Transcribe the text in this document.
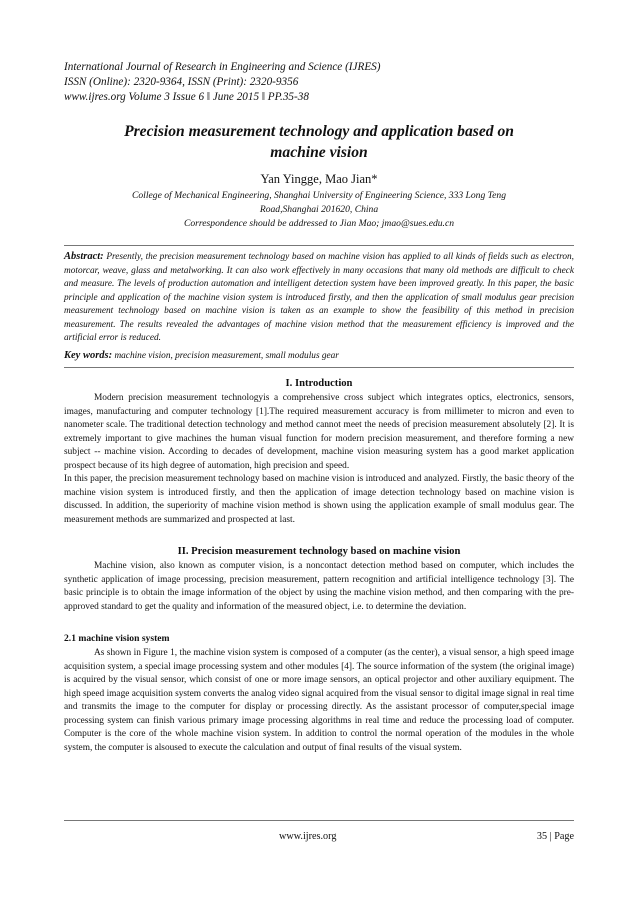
International Journal of Research in Engineering and Science (IJRES)
ISSN (Online): 2320-9364, ISSN (Print): 2320-9356
www.ijres.org Volume 3 Issue 6 ǁ June 2015 ǁ PP.35-38
Precision measurement technology and application based on
machine vision
Yan Yingge, Mao Jian*
College of Mechanical Engineering, Shanghai University of Engineering Science, 333 Long Teng
Road,Shanghai 201620, China
Correspondence should be addressed to Jian Mao; jmao@sues.edu.cn
Abstract: Presently, the precision measurement technology based on machine vision has applied to all kinds of fields such as electron, motorcar, weave, glass and metalworking. It can also work effectively in many occasions that many old methods are difficult to check and measure. The levels of production automation and intelligent detection system have been improved greatly. In this paper, the basic principle and application of the machine vision system is introduced firstly, and then the application of small modulus gear precision measurement technology based on machine vision is taken as an example to show the feasibility of this method in precision measurement. The results revealed the advantages of machine vision method that the measurement efficiency is improved and the artificial error is reduced.
Key words: machine vision, precision measurement, small modulus gear
I. Introduction

Modern precision measurement technologyis a comprehensive cross subject which integrates optics, electronics, sensors, images, manufacturing and computer technology [1].The required measurement accuracy is from millimeter to micron and even to nanometer scale. The traditional detection technology and method cannot meet the needs of precision measurement absolutely [2]. It is extremely important to give machines the human visual function for modern precision measurement, and therefore forming a new subject -- machine vision. According to decades of development, machine vision measuring system has a good market application prospect because of its high degree of automation, high precision and speed.

In this paper, the precision measurement technology based on machine vision is introduced and analyzed. Firstly, the basic theory of the machine vision system is introduced firstly, and then the application of image detection technology based on machine vision is discussed. In addition, the superiority of machine vision method is shown using the application example of small modulus gear. The measurement methods are summarized and prospected at last.

II. Precision measurement technology based on machine vision

Machine vision, also known as computer vision, is a noncontact detection method based on computer, which includes the synthetic application of image processing, precision measurement, pattern recognition and artificial intelligence technology [3]. The basic principle is to obtain the image information of the object by using the machine vision method, and then comparing with the pre-approved standard to get the quality and information of the measured object, i.e. to determine the deviation.

2.1 machine vision system

As shown in Figure 1, the machine vision system is composed of a computer (as the center), a visual sensor, a high speed image acquisition system, a special image processing system and other modules [4]. The source information of the system (the original image) is acquired by the visual sensor, which consist of one or more image sensors, an optical projector and other auxiliary equipment. The high speed image acquisition system converts the analog video signal acquired from the visual sensor to digital image signal in real time and transmits the image to the computer for display or processing directly. As the assistant processor of computer,special image processing system can finish various primary image processing algorithms in real time and reduce the processing load of computer. Computer is the core of the whole machine vision system. In addition to control the normal operation of the modules in the whole system, the computer is alsoused to execute the calculation and output of final results of the visual system.

www.ijres.org	35 | Page
